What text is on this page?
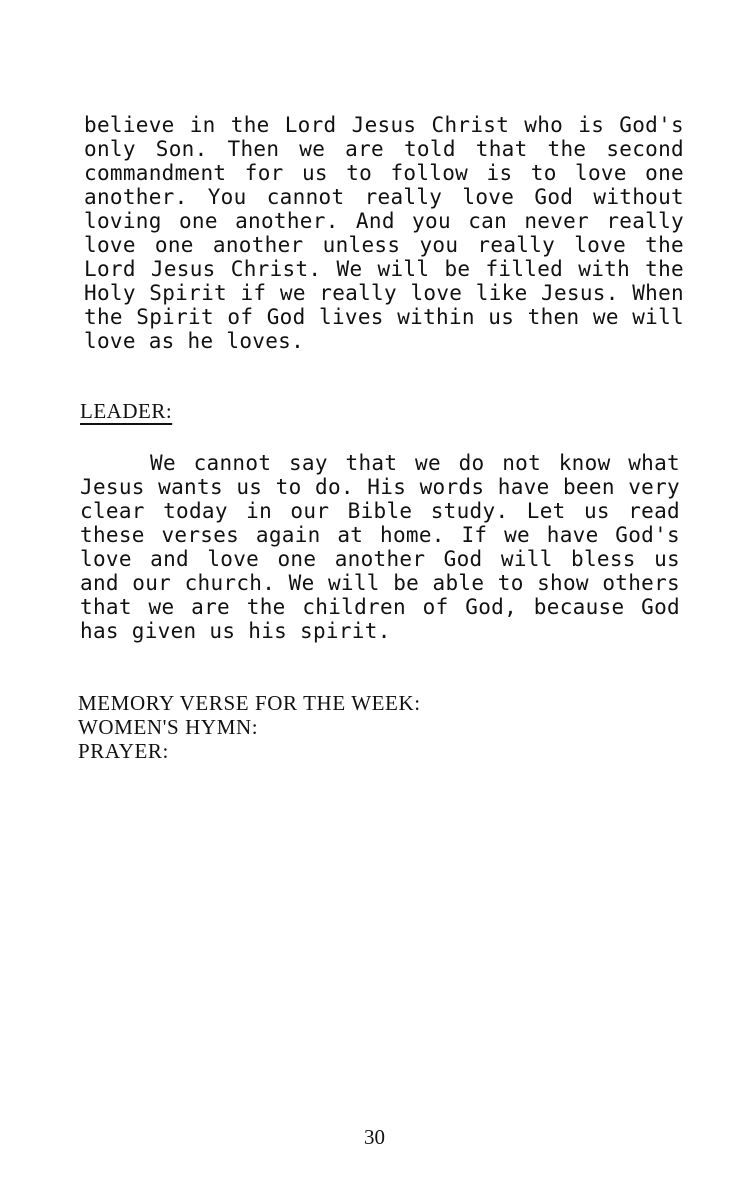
believe in the Lord Jesus Christ who is God's only Son. Then we are told that the second commandment for us to follow is to love one another. You cannot really love God without loving one another. And you can never really love one another unless you really love the Lord Jesus Christ. We will be filled with the Holy Spirit if we really love like Jesus. When the Spirit of God lives within us then we will love as he loves.

LEADER:

We cannot say that we do not know what Jesus wants us to do. His words have been very clear today in our Bible study. Let us read these verses again at home. If we have God's love and love one another God will bless us and our church. We will be able to show others that we are the children of God, because God has given us his spirit.

MEMORY VERSE FOR THE WEEK:
WOMEN'S HYMN:
PRAYER:

30
